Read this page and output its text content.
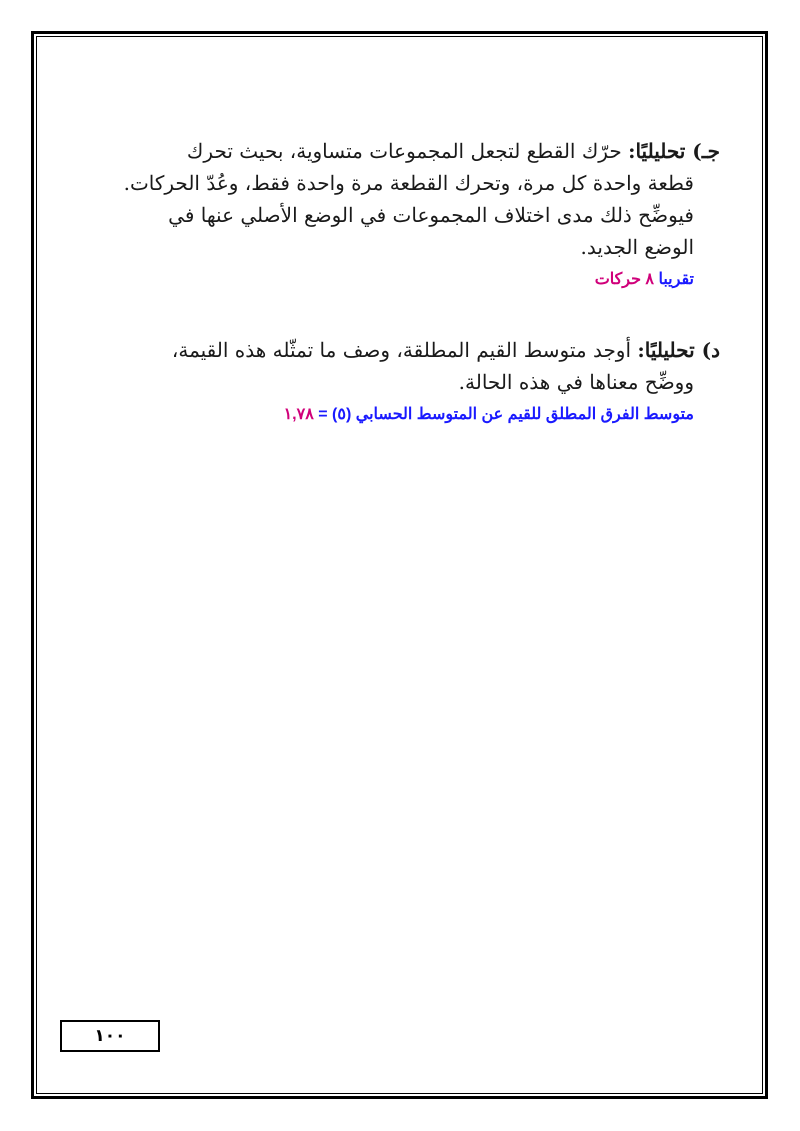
جـ) تحليليًا: حرّك القطع لتجعل المجموعات متساوية، بحيث تحرك
قطعة واحدة كل مرة، وتحرك القطعة مرة واحدة فقط، وعُدّ الحركات.
فيوضِّح ذلك مدى اختلاف المجموعات في الوضع الأصلي عنها في
الوضع الجديد.
تقريبا ٨ حركات
د) تحليليًا: أوجد متوسط القيم المطلقة، وصف ما تمثّله هذه القيمة،
ووضِّح معناها في هذه الحالة.
متوسط الفرق المطلق للقيم عن المتوسط الحسابي (٥) = ١,٧٨
١٠٠
